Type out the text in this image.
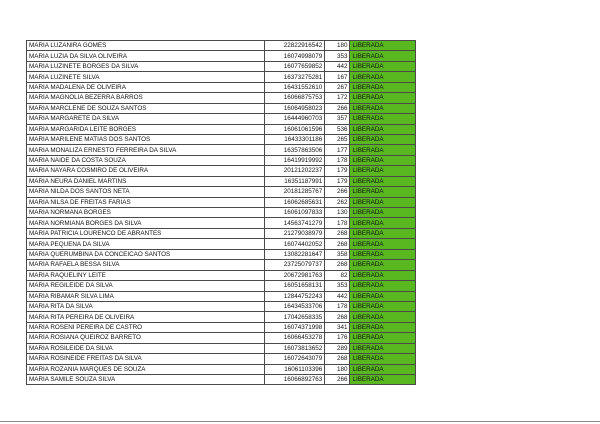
MARIA LUZANIRA GOMES	22822916542	180	LIBERADA
MARIA LUZIA DA SILVA OLIVEIRA	16074998079	353	LIBERADA
MARIA LUZINETE BORGES DA SILVA	16077659852	442	LIBERADA
MARIA LUZINETE SILVA	16373275281	167	LIBERADA
MARIA MADALENA DE OLIVEIRA	16431552610	267	LIBERADA
MARIA MAGNOLIA BEZERRA BARROS	16066875753	172	LIBERADA
MARIA MARCLENE DE SOUZA SANTOS	16064958023	266	LIBERADA
MARIA MARGARETE DA SILVA	16444960703	357	LIBERADA
MARIA MARGARIDA LEITE BORGES	16061061596	536	LIBERADA
MARIA MARILENE MATIAS DOS SANTOS	16433301186	265	LIBERADA
MARIA MONALIZA ERNESTO FERREIRA DA SILVA	16357863506	177	LIBERADA
MARIA NAIDE DA COSTA SOUZA	16419919992	178	LIBERADA
MARIA NAYARA COSMIRO DE OLIVEIRA	20121202237	179	LIBERADA
MARIA NEURA DANIEL MARTINS	16351187991	179	LIBERADA
MARIA NILDA DOS SANTOS NETA	20181285767	266	LIBERADA
MARIA NILSA DE FREITAS FARIAS	16062685631	262	LIBERADA
MARIA NORMANA BORGES	16061097833	130	LIBERADA
MARIA NORMIANA BORGES DA SILVA	14563741279	178	LIBERADA
MARIA PATRICIA LOURENCO DE ABRANTES	21279038979	268	LIBERADA
MARIA PEQUENA DA SILVA	16074402052	268	LIBERADA
MARIA QUERUMBINA DA CONCEICAO SANTOS	13082281647	358	LIBERADA
MARIA RAFAELA BESSA SILVA	23725079737	268	LIBERADA
MARIA RAQUELINY LEITE	20672981763	82	LIBERADA
MARIA REGILEIDE DA SILVA	16051658131	353	LIBERADA
MARIA RIBAMAR SILVA LIMA	12844752243	442	LIBERADA
MARIA RITA DA SILVA	16434533706	178	LIBERADA
MARIA RITA PEREIRA DE OLIVEIRA	17042658335	268	LIBERADA
MARIA ROSENI PEREIRA DE CASTRO	16074371998	341	LIBERADA
MARIA ROSIANA QUEIROZ BARRETO	16066453278	176	LIBERADA
MARIA ROSILEIDE DA SILVA	16073813652	289	LIBERADA
MARIA ROSINEIDE FREITAS DA SILVA	16072643079	268	LIBERADA
MARIA ROZANIA MARQUES DE SOUZA	16061103396	180	LIBERADA
MARIA SAMILE SOUZA SILVA	16066892763	266	LIBERADA
